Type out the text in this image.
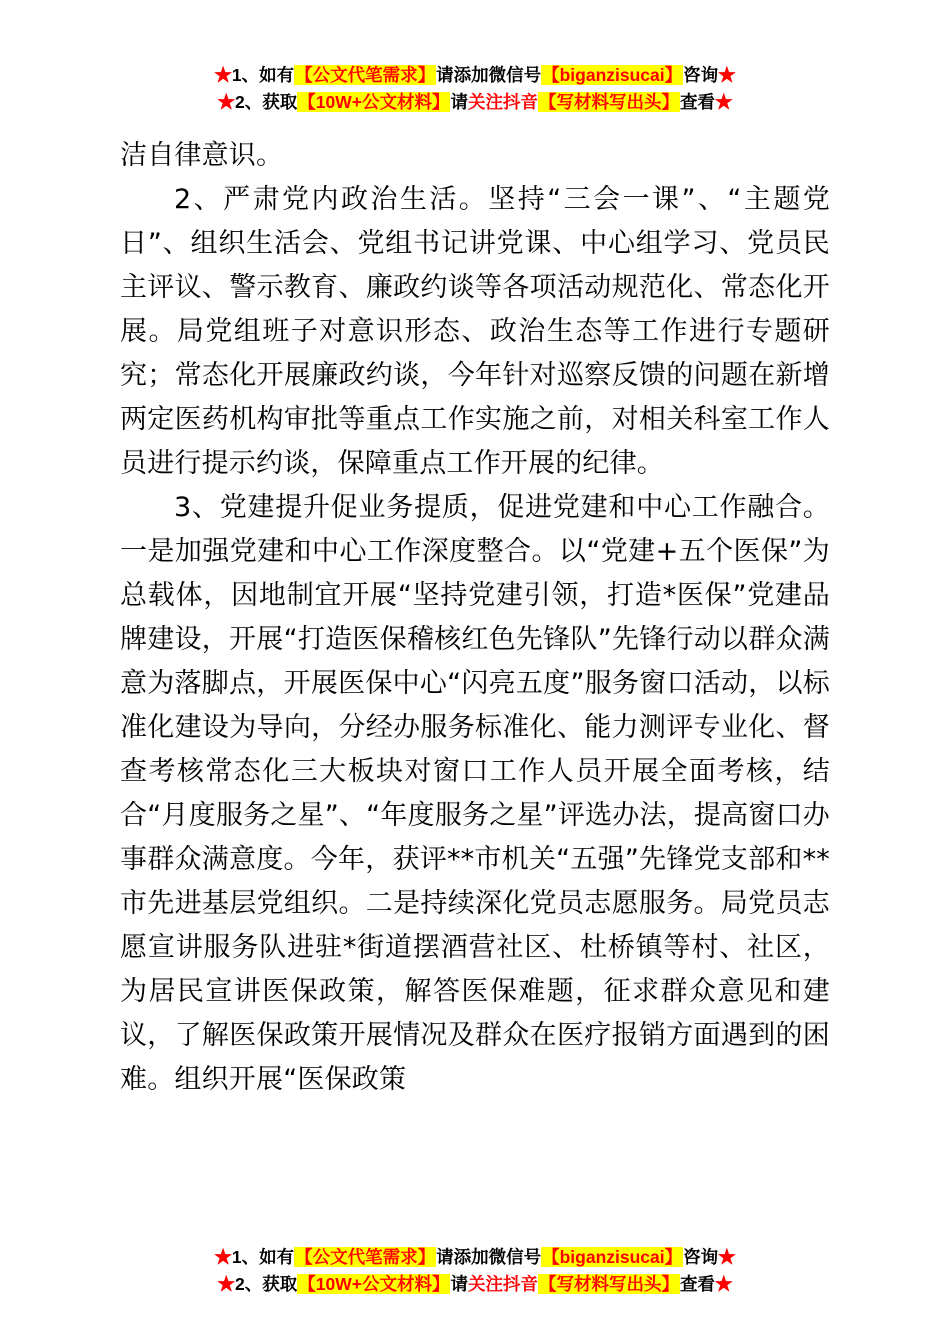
★1、如有【公文代笔需求】请添加微信号【biganzisucai】咨询★
★2、获取【10W+公文材料】请关注抖音【写材料写出头】查看★

洁自律意识。

2、严肃党内政治生活。坚持“三会一课”、“主题党日”、组织生活会、党组书记讲党课、中心组学习、党员民主评议、警示教育、廉政约谈等各项活动规范化、常态化开展。局党组班子对意识形态、政治生态等工作进行专题研究；常态化开展廉政约谈，今年针对巡察反馈的问题在新增两定医药机构审批等重点工作实施之前，对相关科室工作人员进行提示约谈，保障重点工作开展的纪律。

3、党建提升促业务提质，促进党建和中心工作融合。一是加强党建和中心工作深度整合。以“党建+五个医保”为总载体，因地制宜开展“坚持党建引领，打造*医保”党建品牌建设，开展“打造医保稽核红色先锋队”先锋行动以群众满意为落脚点，开展医保中心“闪亮五度”服务窗口活动，以标准化建设为导向，分经办服务标准化、能力测评专业化、督查考核常态化三大板块对窗口工作人员开展全面考核，结合“月度服务之星”、“年度服务之星”评选办法，提高窗口办事群众满意度。今年，获评**市机关“五强”先锋党支部和**市先进基层党组织。二是持续深化党员志愿服务。局党员志愿宣讲服务队进驻*街道摆酒营社区、杜桥镇等村、社区，为居民宣讲医保政策，解答医保难题，征求群众意见和建议，了解医保政策开展情况及群众在医疗报销方面遇到的困难。组织开展“医保政策

★1、如有【公文代笔需求】请添加微信号【biganzisucai】咨询★
★2、获取【10W+公文材料】请关注抖音【写材料写出头】查看★
